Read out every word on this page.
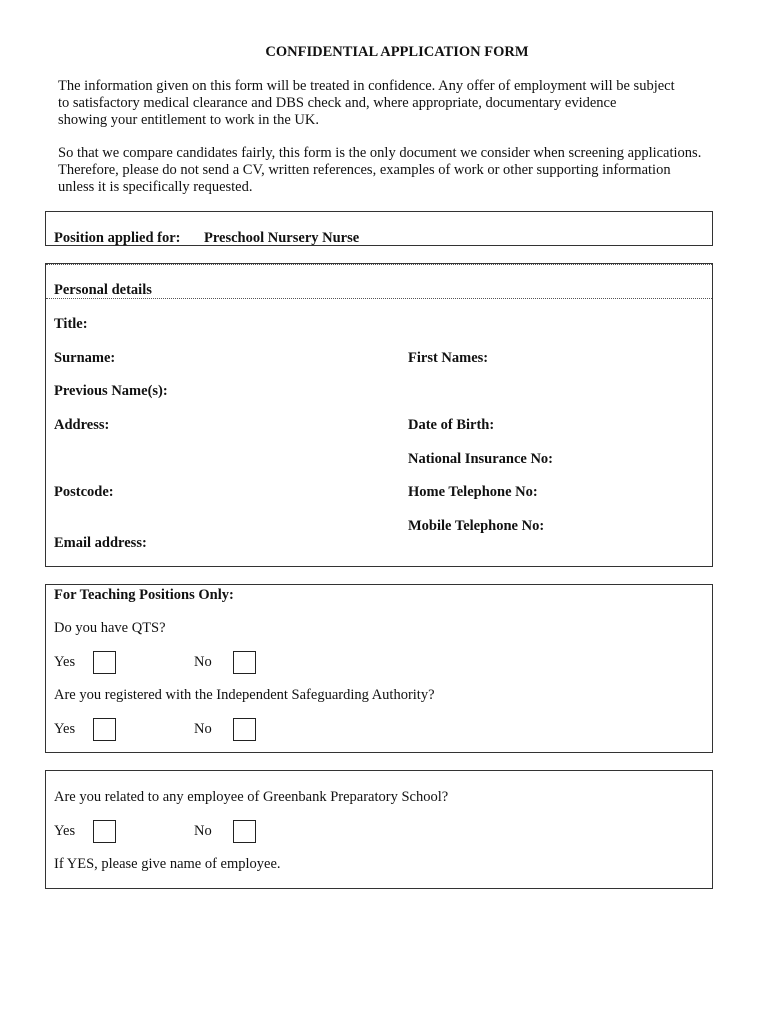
CONFIDENTIAL APPLICATION FORM
The information given on this form will be treated in confidence. Any offer of employment will be subject
to satisfactory medical clearance and DBS check and, where appropriate, documentary evidence
showing your entitlement to work in the UK.
So that we compare candidates fairly, this form is the only document we consider when screening applications.
Therefore, please do not send a CV, written references, examples of work or other supporting information
unless it is specifically requested.
Position applied for: Preschool Nursery Nurse
Personal details
Title:
Surname:	First Names:
Previous Name(s):
Address:	Date of Birth:
National Insurance No:
Postcode:	Home Telephone No:
Mobile Telephone No:
Email address:
For Teaching Positions Only:
Do you have QTS?
Yes	No
Are you registered with the Independent Safeguarding Authority?
Yes	No
Are you related to any employee of Greenbank Preparatory School?
Yes	No
If YES, please give name of employee.
